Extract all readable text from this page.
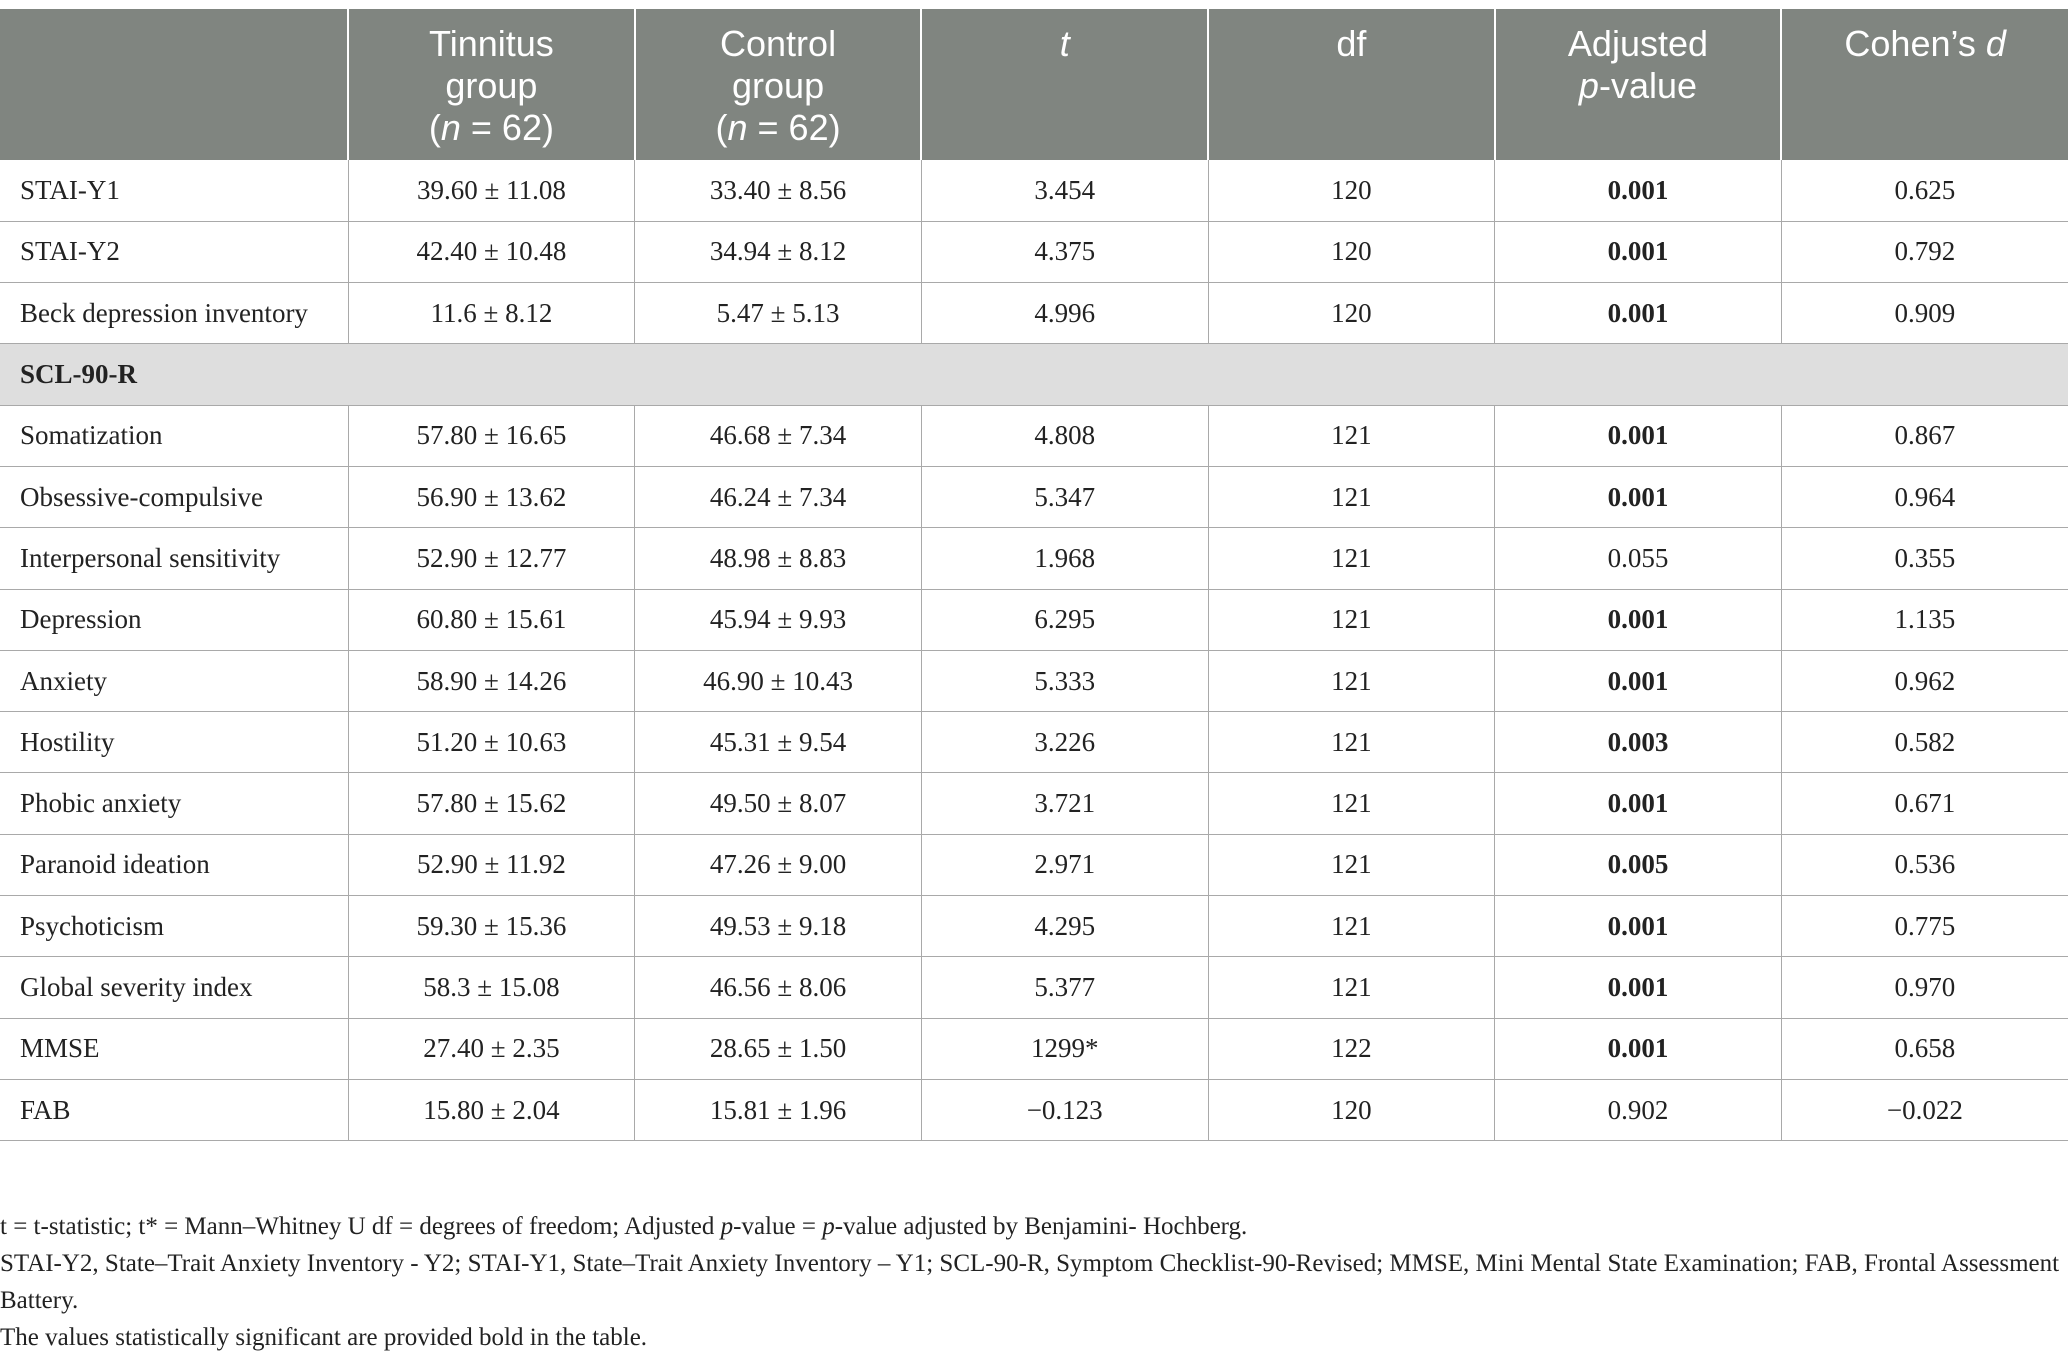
	Tinnitus
group
(n = 62)	Control
group
(n = 62)	t	df	Adjusted
p-value	Cohen’s d
STAI-Y1	39.60 ± 11.08	33.40 ± 8.56	3.454	120	0.001	0.625
STAI-Y2	42.40 ± 10.48	34.94 ± 8.12	4.375	120	0.001	0.792
Beck depression inventory	11.6 ± 8.12	5.47 ± 5.13	4.996	120	0.001	0.909
SCL-90-R						
Somatization	57.80 ± 16.65	46.68 ± 7.34	4.808	121	0.001	0.867
Obsessive-compulsive	56.90 ± 13.62	46.24 ± 7.34	5.347	121	0.001	0.964
Interpersonal sensitivity	52.90 ± 12.77	48.98 ± 8.83	1.968	121	0.055	0.355
Depression	60.80 ± 15.61	45.94 ± 9.93	6.295	121	0.001	1.135
Anxiety	58.90 ± 14.26	46.90 ± 10.43	5.333	121	0.001	0.962
Hostility	51.20 ± 10.63	45.31 ± 9.54	3.226	121	0.003	0.582
Phobic anxiety	57.80 ± 15.62	49.50 ± 8.07	3.721	121	0.001	0.671
Paranoid ideation	52.90 ± 11.92	47.26 ± 9.00	2.971	121	0.005	0.536
Psychoticism	59.30 ± 15.36	49.53 ± 9.18	4.295	121	0.001	0.775
Global severity index	58.3 ± 15.08	46.56 ± 8.06	5.377	121	0.001	0.970
MMSE	27.40 ± 2.35	28.65 ± 1.50	1299*	122	0.001	0.658
FAB	15.80 ± 2.04	15.81 ± 1.96	−0.123	120	0.902	−0.022

t = t-statistic; t* = Mann–Whitney U df = degrees of freedom; Adjusted p-value = p-value adjusted by Benjamini- Hochberg.

STAI-Y2, State–Trait Anxiety Inventory - Y2; STAI-Y1, State–Trait Anxiety Inventory – Y1; SCL-90-R, Symptom Checklist-90-Revised; MMSE, Mini Mental State Examination; FAB, Frontal Assessment Battery.

The values statistically significant are provided bold in the table.
